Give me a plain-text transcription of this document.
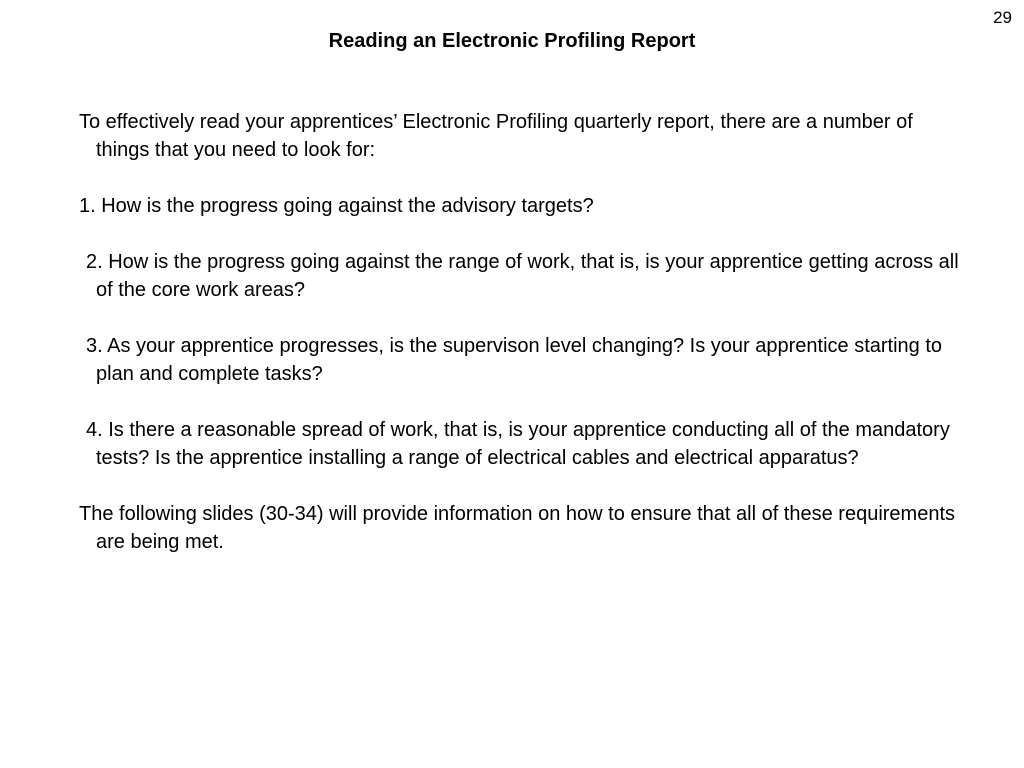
29
Reading an Electronic Profiling Report

To effectively read your apprentices’ Electronic Profiling quarterly report, there are a number of things that you need to look for:

1. How is the progress going against the advisory targets?

2. How is the progress going against the range of work, that is, is your apprentice getting across all of the core work areas?

3. As your apprentice progresses, is the supervison level changing? Is your apprentice starting to plan and complete tasks?

4. Is there a reasonable spread of work, that is, is your apprentice conducting all of the mandatory tests? Is the apprentice installing a range of electrical cables and electrical apparatus?

The following slides (30-34) will provide information on how to ensure that all of these requirements are being met.
